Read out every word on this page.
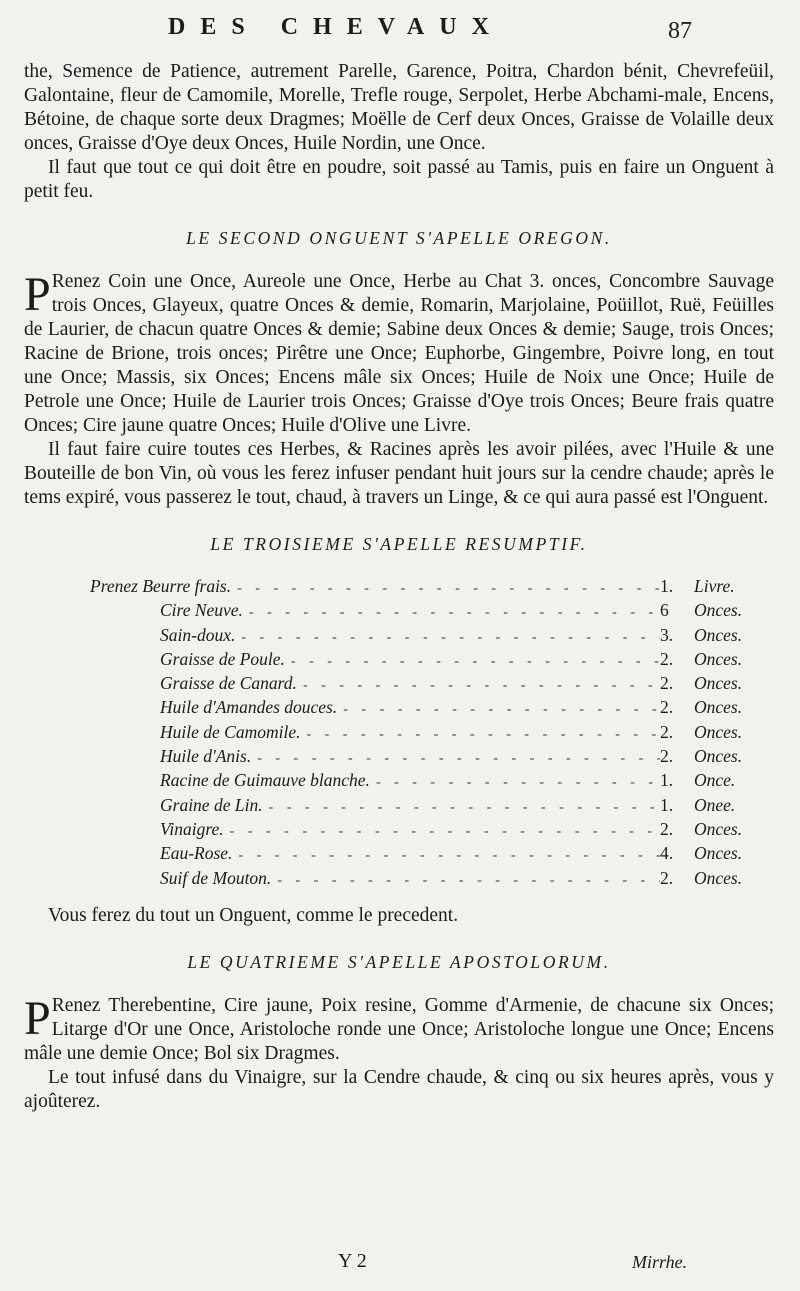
DES CHEVAUX	87

the, Semence de Patience, autrement Parelle, Garence, Poitra, Chardon bénit, Chevrefeüil, Galontaine, fleur de Camomile, Morelle, Trefle rouge, Serpolet, Herbe Abchami-male, Encens, Bétoine, de chaque sorte deux Dragmes; Moëlle de Cerf deux Onces, Graisse de Volaille deux onces, Graisse d'Oye deux Onces, Huile Nordin, une Once.

Il faut que tout ce qui doit être en poudre, soit passé au Tamis, puis en faire un Onguent à petit feu.

LE SECOND ONGUENT S'APELLE OREGON.

P Renez Coin une Once, Aureole une Once, Herbe au Chat 3. onces, Concombre Sauvage trois Onces, Glayeux, quatre Onces & demie, Romarin, Marjolaine, Poüillot, Ruë, Feüilles de Laurier, de chacun quatre Onces & demie; Sabine deux Onces & demie; Sauge, trois Onces; Racine de Brione, trois onces; Pirêtre une Once; Euphorbe, Gingembre, Poivre long, en tout une Once; Massis, six Onces; Encens mâle six Onces; Huile de Noix une Once; Huile de Petrole une Once; Huile de Laurier trois Onces; Graisse d'Oye trois Onces; Beure frais quatre Onces; Cire jaune quatre Onces; Huile d'Olive une Livre.

Il faut faire cuire toutes ces Herbes, & Racines après les avoir pilées, avec l'Huile & une Bouteille de bon Vin, où vous les ferez infuser pendant huit jours sur la cendre chaude; après le tems expiré, vous passerez le tout, chaud, à travers un Linge, & ce qui aura passé est l'Onguent.

LE TROISIEME S'APELLE RESUMPTIF.
Prenez Beurre frais. - - -	1.	Livre.
Cire Neuve. - - -	6	Onces.
Sain-doux. - - -	3.	Onces.
Graisse de Poule. - - -	2.	Onces.
Graisse de Canard. - - -	2.	Onces.
Huile d'Amandes douces. - - -	2.	Onces.
Huile de Camomile. - - -	2.	Onces.
Huile d'Anis. - - -	2.	Onces.
Racine de Guimauve blanche. - - -	1.	Once.
Graine de Lin. - - -	1.	Onee.
Vinaigre. - - -	2.	Onces.
Eau-Rose. - - -	4.	Onces.
Suif de Mouton. - - -	2.	Onces.

Vous ferez du tout un Onguent, comme le precedent.

LE QUATRIEME S'APELLE APOSTOLORUM.

P Renez Therebentine, Cire jaune, Poix resine, Gomme d'Armenie, de chacune six Onces; Litarge d'Or une Once, Aristoloche ronde une Once; Aristoloche longue une Once; Encens mâle une demie Once; Bol six Dragmes.

Le tout infusé dans du Vinaigre, sur la Cendre chaude, & cinq ou six heures après, vous y ajoûterez.

Y 2	Mirrhe.
